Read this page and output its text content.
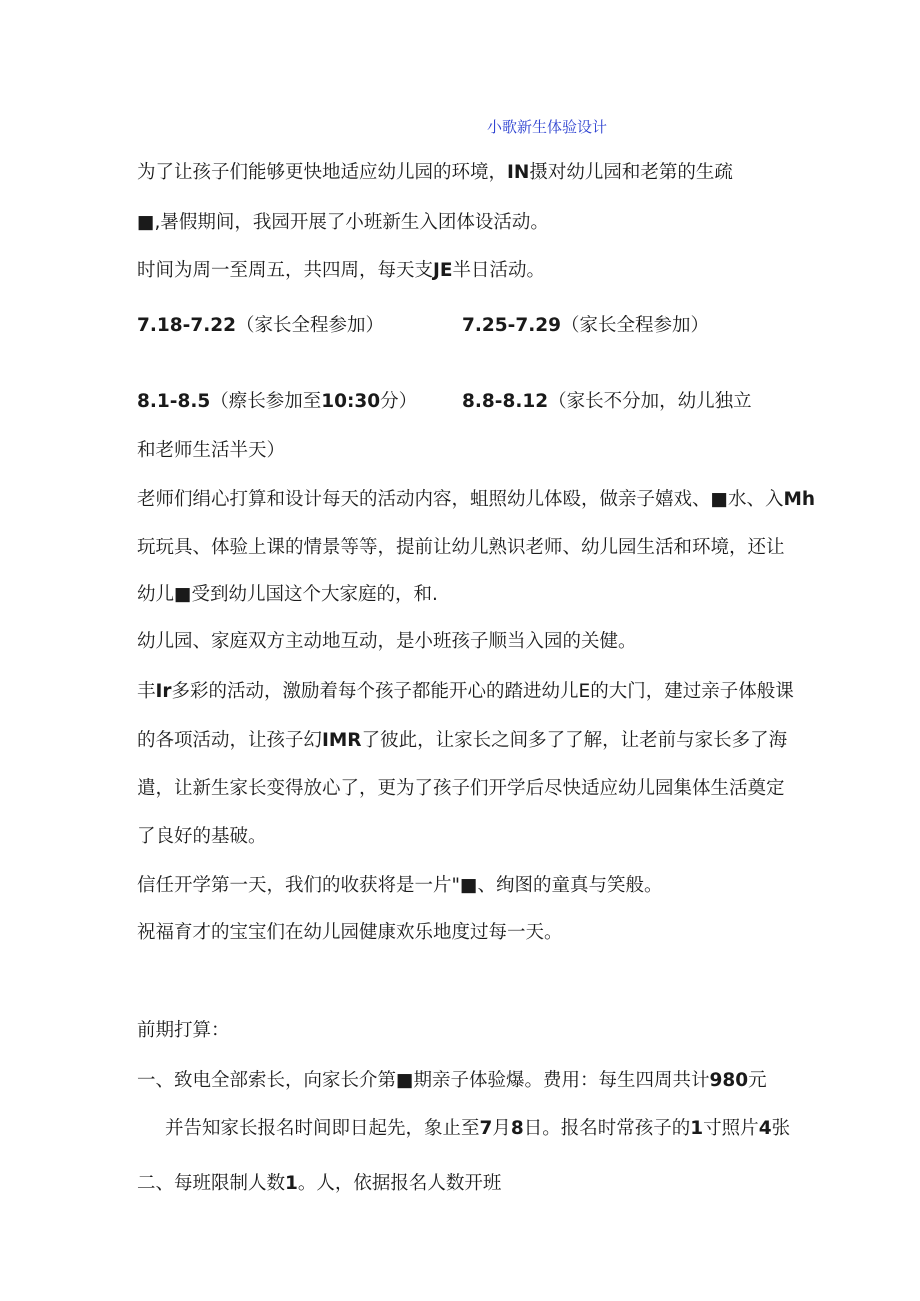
小歌新生体验设计
为了让孩子们能够更快地适应幼儿园的环境，IN摄对幼儿园和老第的生疏
■,暑假期间，我园开展了小班新生入团体设活动。
时间为周一至周五，共四周，每天支JE半日活动。
7.18-7.22（家长全程参加）	7.25-7.29（家长全程参加）
8.1-8.5（瘵长参加至10:30分） 8.8-8.12（家长不分加，幼儿独立
和老师生活半天）
老师们绢心打算和设计每天的活动内容，蛆照幼儿体殴，做亲子嬉戏、■水、入Mh
玩玩具、体验上课的情景等等，提前让幼儿熟识老师、幼儿园生活和环境，还让
幼儿■受到幼儿国这个大家庭的，和.
幼儿园、家庭双方主动地互动，是小班孩子顺当入园的关健。
丰Ir多彩的活动，激励着每个孩子都能开心的踏进幼儿E的大门，建过亲子体般课
的各项活动，让孩子幻IMR了彼此，让家长之间多了了解，让老前与家长多了海
遣，让新生家长变得放心了，更为了孩子们开学后尽快适应幼儿园集体生活奠定
了良好的基破。
信任开学第一天，我们的收获将是一片"■、绚图的童真与笑般。
祝福育才的宝宝们在幼儿园健康欢乐地度过每一天。
前期打算：
一、致电全部索长，向家长介第■期亲子体验爆。费用：每生四周共计980元
并告知家长报名时间即日起先，象止至7月8日。报名时常孩子的1寸照片4张
二、每班限制人数1。人，依据报名人数开班
